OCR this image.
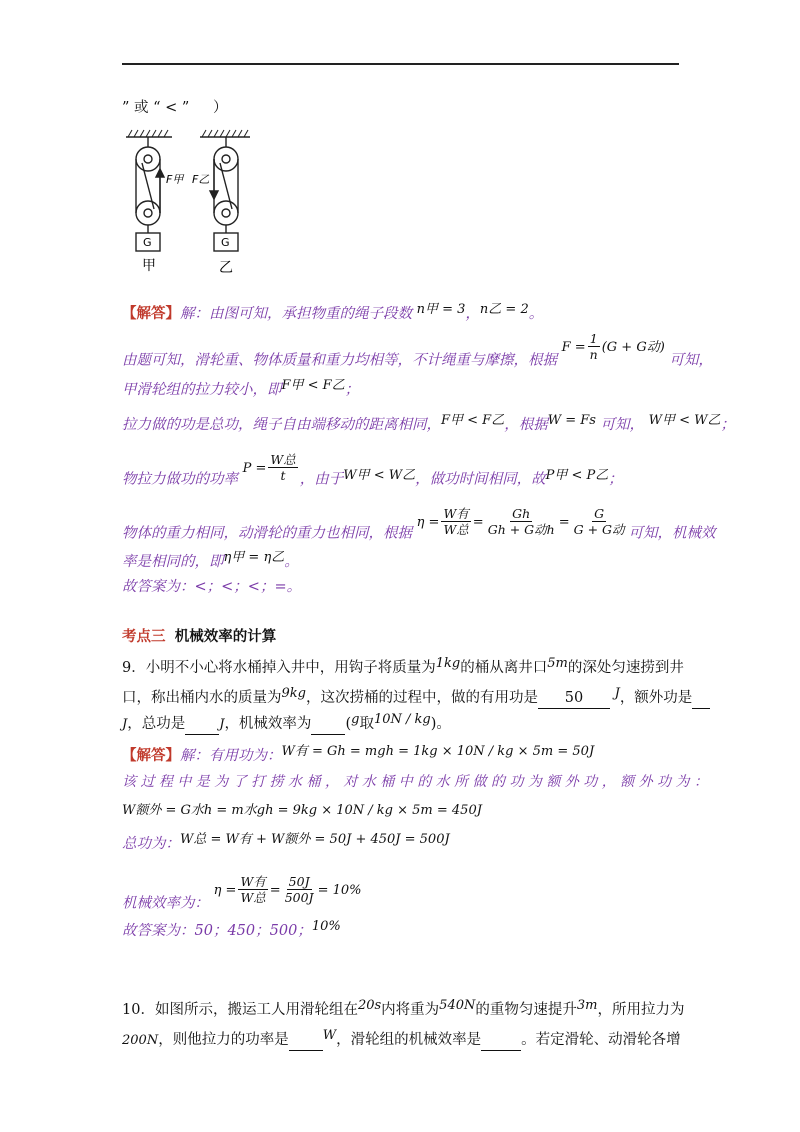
” 或 “ < ” 　 ）
F甲 F乙
G	G
甲	乙
【解答】解：由图可知，承担物重的绳子段数 n甲 = 3，n乙 = 2。
由题可知，滑轮重、物体质量和重力均相等，不计绳重与摩擦，根据 $F = \frac{1}{n} (G + G$动) 可知，
甲滑轮组的拉力较小，即F甲 < F乙；
拉力做的功是总功，绳子自由端移动的距离相同，F甲 < F乙，根据W = Fs 可知， W甲 < W乙；
物拉力做功的功率 $P = \frac{\text{W总}}{t}$ ，由于W甲 < W乙，做功时间相同，故P甲 < P乙；
物体的重力相同，动滑轮的重力也相同，根据 $\eta = \frac{\text{W有}}{\text{W总}} = \frac{Gh}{\text{Gh + G动h}} = \frac{G}{\text{G + G动}}$ 可知，机械效
率是相同的，即η甲 = η乙。
故答案为：<；<；<；=。
考点三 机械效率的计算
9．小明不小心将水桶掉入井中，用钩子将质量为1kg的桶从离井口5m的深处匀速捞到井
口，称出桶内水的质量为9kg，这次捞桶的过程中，做的有用功是 50 J，额外功是
J，总功是	J，机械效率为 (g取10N / kg)。
【解答】解：有用功为：W有 = Gh = mgh = 1kg × 10N / kg × 5m = 50J
该 过 程 中 是 为 了 打 捞 水 桶 ， 对 水 桶 中 的 水 所 做 的 功 为 额 外 功 ， 额 外 功 为 ：
W额外 = G水h = m水gh = 9kg × 10N / kg × 5m = 450J
总功为：W总 = W有 + W额外 = 50J + 450J = 500J
机械效率为： $\eta = \frac{\text{W有}}{\text{W总}} = \frac{50J}{500J} = 10\%$
故答案为：50；450；500；10%
10．如图所示，搬运工人用滑轮组在20s内将重为540N的重物匀速提升3m，所用拉力为
200N，则他拉力的功率是	W，滑轮组的机械效率是	。若定滑轮、动滑轮各增
